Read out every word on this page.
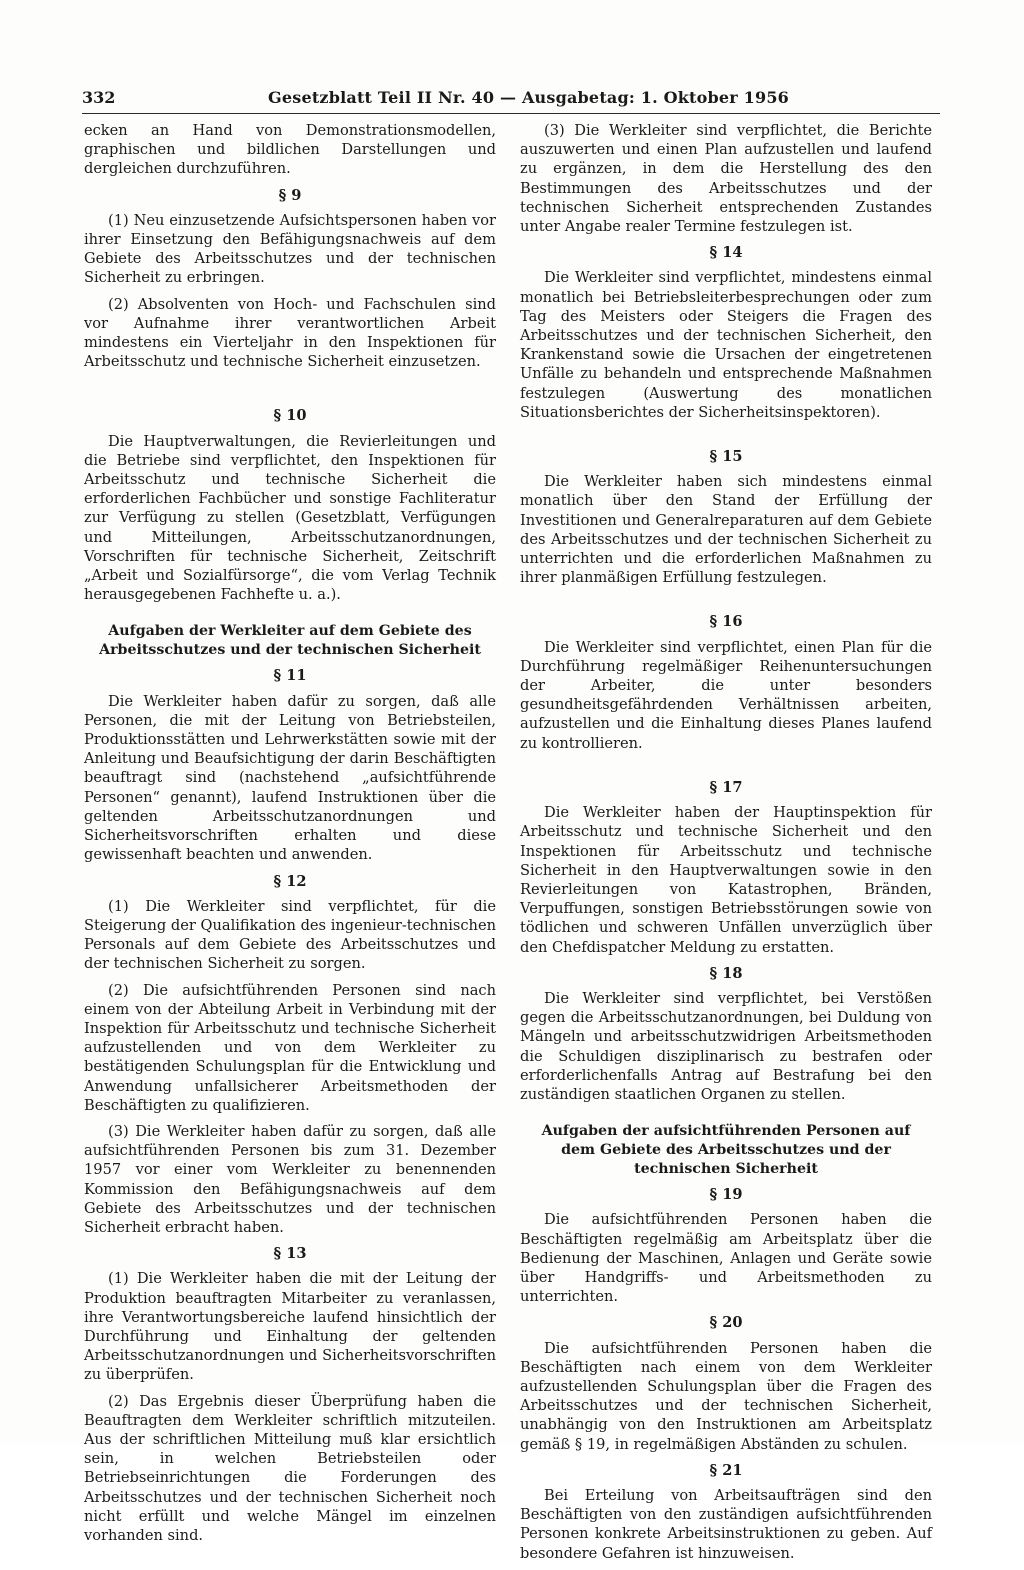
332	Gesetzblatt Teil II Nr. 40 — Ausgabetag: 1. Oktober 1956

ecken an Hand von Demonstrationsmodellen, graphischen und bildlichen Darstellungen und dergleichen durchzuführen.

§ 9

(1) Neu einzusetzende Aufsichtspersonen haben vor ihrer Einsetzung den Befähigungsnachweis auf dem Gebiete des Arbeitsschutzes und der technischen Sicherheit zu erbringen.

(2) Absolventen von Hoch- und Fachschulen sind vor Aufnahme ihrer verantwortlichen Arbeit mindestens ein Vierteljahr in den Inspektionen für Arbeitsschutz und technische Sicherheit einzusetzen.

§ 10

Die Hauptverwaltungen, die Revierleitungen und die Betriebe sind verpflichtet, den Inspektionen für Arbeitsschutz und technische Sicherheit die erforderlichen Fachbücher und sonstige Fachliteratur zur Verfügung zu stellen (Gesetzblatt, Verfügungen und Mitteilungen, Arbeitsschutzanordnungen, Vorschriften für technische Sicherheit, Zeitschrift „Arbeit und Sozialfürsorge“, die vom Verlag Technik herausgegebenen Fachhefte u. a.).

Aufgaben der Werkleiter auf dem Gebiete des Arbeitsschutzes und der technischen Sicherheit
§ 11

Die Werkleiter haben dafür zu sorgen, daß alle Personen, die mit der Leitung von Betriebsteilen, Produktionsstätten und Lehrwerkstätten sowie mit der Anleitung und Beaufsichtigung der darin Beschäftigten beauftragt sind (nachstehend „aufsichtführende Personen“ genannt), laufend Instruktionen über die geltenden Arbeitsschutzanordnungen und Sicherheitsvorschriften erhalten und diese gewissenhaft beachten und anwenden.

§ 12

(1) Die Werkleiter sind verpflichtet, für die Steigerung der Qualifikation des ingenieur-technischen Personals auf dem Gebiete des Arbeitsschutzes und der technischen Sicherheit zu sorgen.

(2) Die aufsichtführenden Personen sind nach einem von der Abteilung Arbeit in Verbindung mit der Inspektion für Arbeitsschutz und technische Sicherheit aufzustellenden und von dem Werkleiter zu bestätigenden Schulungsplan für die Entwicklung und Anwendung unfallsicherer Arbeitsmethoden der Beschäftigten zu qualifizieren.

(3) Die Werkleiter haben dafür zu sorgen, daß alle aufsichtführenden Personen bis zum 31. Dezember 1957 vor einer vom Werkleiter zu benennenden Kommission den Befähigungsnachweis auf dem Gebiete des Arbeitsschutzes und der technischen Sicherheit erbracht haben.

§ 13

(1) Die Werkleiter haben die mit der Leitung der Produktion beauftragten Mitarbeiter zu veranlassen, ihre Verantwortungsbereiche laufend hinsichtlich der Durchführung und Einhaltung der geltenden Arbeitsschutzanordnungen und Sicherheitsvorschriften zu überprüfen.

(2) Das Ergebnis dieser Überprüfung haben die Beauftragten dem Werkleiter schriftlich mitzuteilen. Aus der schriftlichen Mitteilung muß klar ersichtlich sein, in welchen Betriebsteilen oder Betriebseinrichtungen die Forderungen des Arbeitsschutzes und der technischen Sicherheit noch nicht erfüllt und welche Mängel im einzelnen vorhanden sind.

(3) Die Werkleiter sind verpflichtet, die Berichte auszuwerten und einen Plan aufzustellen und laufend zu ergänzen, in dem die Herstellung des den Bestimmungen des Arbeitsschutzes und der technischen Sicherheit entsprechenden Zustandes unter Angabe realer Termine festzulegen ist.

§ 14

Die Werkleiter sind verpflichtet, mindestens einmal monatlich bei Betriebsleiterbesprechungen oder zum Tag des Meisters oder Steigers die Fragen des Arbeitsschutzes und der technischen Sicherheit, den Krankenstand sowie die Ursachen der eingetretenen Unfälle zu behandeln und entsprechende Maßnahmen festzulegen (Auswertung des monatlichen Situationsberichtes der Sicherheitsinspektoren).

§ 15

Die Werkleiter haben sich mindestens einmal monatlich über den Stand der Erfüllung der Investitionen und Generalreparaturen auf dem Gebiete des Arbeitsschutzes und der technischen Sicherheit zu unterrichten und die erforderlichen Maßnahmen zu ihrer planmäßigen Erfüllung festzulegen.

§ 16

Die Werkleiter sind verpflichtet, einen Plan für die Durchführung regelmäßiger Reihenuntersuchungen der Arbeiter, die unter besonders gesundheitsgefährdenden Verhältnissen arbeiten, aufzustellen und die Einhaltung dieses Planes laufend zu kontrollieren.

§ 17

Die Werkleiter haben der Hauptinspektion für Arbeitsschutz und technische Sicherheit und den Inspektionen für Arbeitsschutz und technische Sicherheit in den Hauptverwaltungen sowie in den Revierleitungen von Katastrophen, Bränden, Verpuffungen, sonstigen Betriebsstörungen sowie von tödlichen und schweren Unfällen unverzüglich über den Chefdispatcher Meldung zu erstatten.

§ 18

Die Werkleiter sind verpflichtet, bei Verstößen gegen die Arbeitsschutzanordnungen, bei Duldung von Mängeln und arbeitsschutzwidrigen Arbeitsmethoden die Schuldigen disziplinarisch zu bestrafen oder erforderlichenfalls Antrag auf Bestrafung bei den zuständigen staatlichen Organen zu stellen.

Aufgaben der aufsichtführenden Personen auf dem Gebiete des Arbeitsschutzes und der technischen Sicherheit
§ 19

Die aufsichtführenden Personen haben die Beschäftigten regelmäßig am Arbeitsplatz über die Bedienung der Maschinen, Anlagen und Geräte sowie über Handgriffs- und Arbeitsmethoden zu unterrichten.

§ 20

Die aufsichtführenden Personen haben die Beschäftigten nach einem von dem Werkleiter aufzustellenden Schulungsplan über die Fragen des Arbeitsschutzes und der technischen Sicherheit, unabhängig von den Instruktionen am Arbeitsplatz gemäß § 19, in regelmäßigen Abständen zu schulen.

§ 21

Bei Erteilung von Arbeitsaufträgen sind den Beschäftigten von den zuständigen aufsichtführenden Personen konkrete Arbeitsinstruktionen zu geben. Auf besondere Gefahren ist hinzuweisen.
